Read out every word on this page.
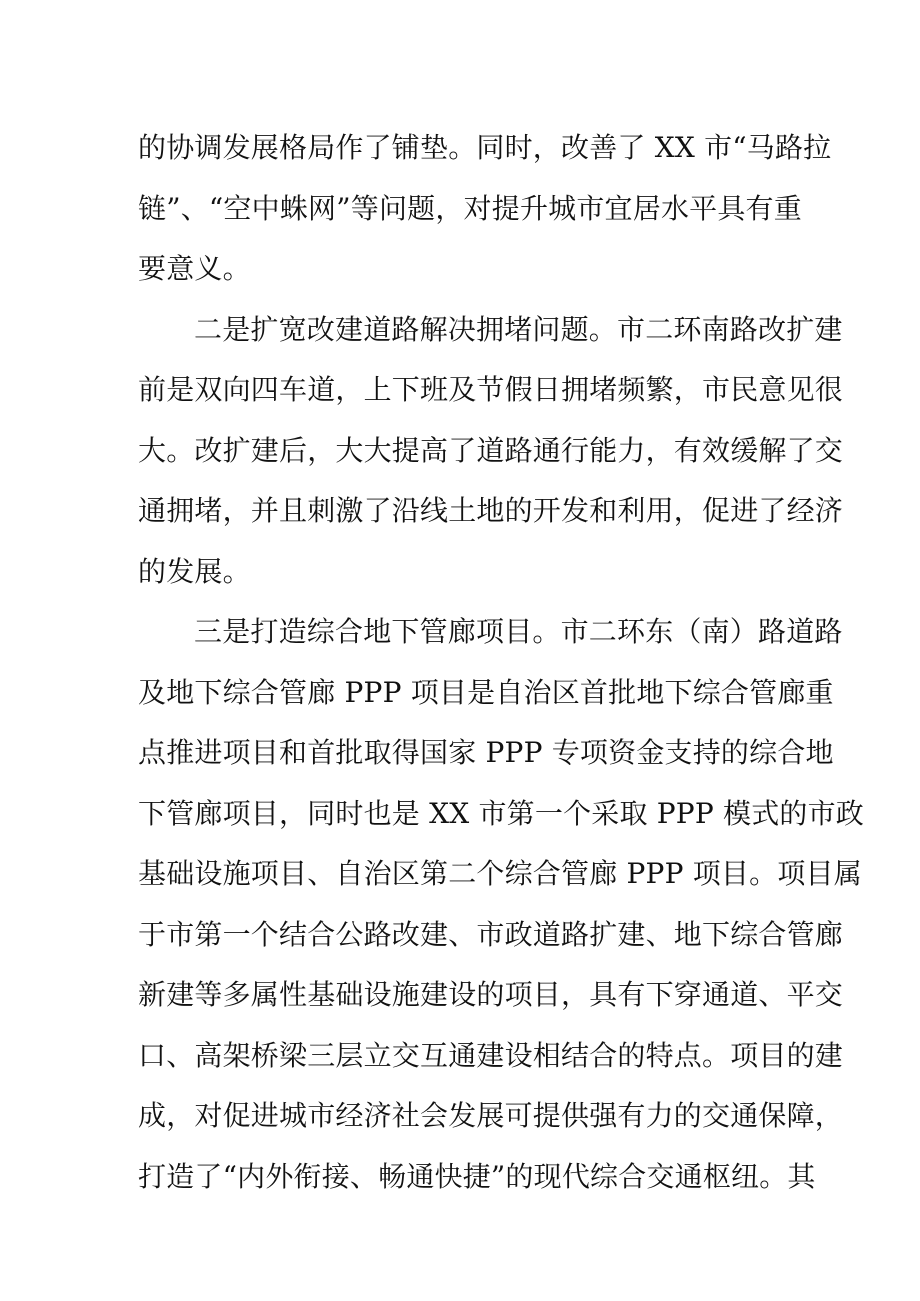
的协调发展格局作了铺垫。同时，改善了 XX 市“马路拉
链”、“空中蛛网”等问题，对提升城市宜居水平具有重
要意义。
二是扩宽改建道路解决拥堵问题。市二环南路改扩建
前是双向四车道，上下班及节假日拥堵频繁，市民意见很
大。改扩建后，大大提高了道路通行能力，有效缓解了交
通拥堵，并且刺激了沿线土地的开发和利用，促进了经济
的发展。
三是打造综合地下管廊项目。市二环东（南）路道路
及地下综合管廊 PPP 项目是自治区首批地下综合管廊重
点推进项目和首批取得国家 PPP 专项资金支持的综合地
下管廊项目，同时也是 XX 市第一个采取 PPP 模式的市政
基础设施项目、自治区第二个综合管廊 PPP 项目。项目属
于市第一个结合公路改建、市政道路扩建、地下综合管廊
新建等多属性基础设施建设的项目，具有下穿通道、平交
口、高架桥梁三层立交互通建设相结合的特点。项目的建
成，对促进城市经济社会发展可提供强有力的交通保障，
打造了“内外衔接、畅通快捷”的现代综合交通枢纽。其
